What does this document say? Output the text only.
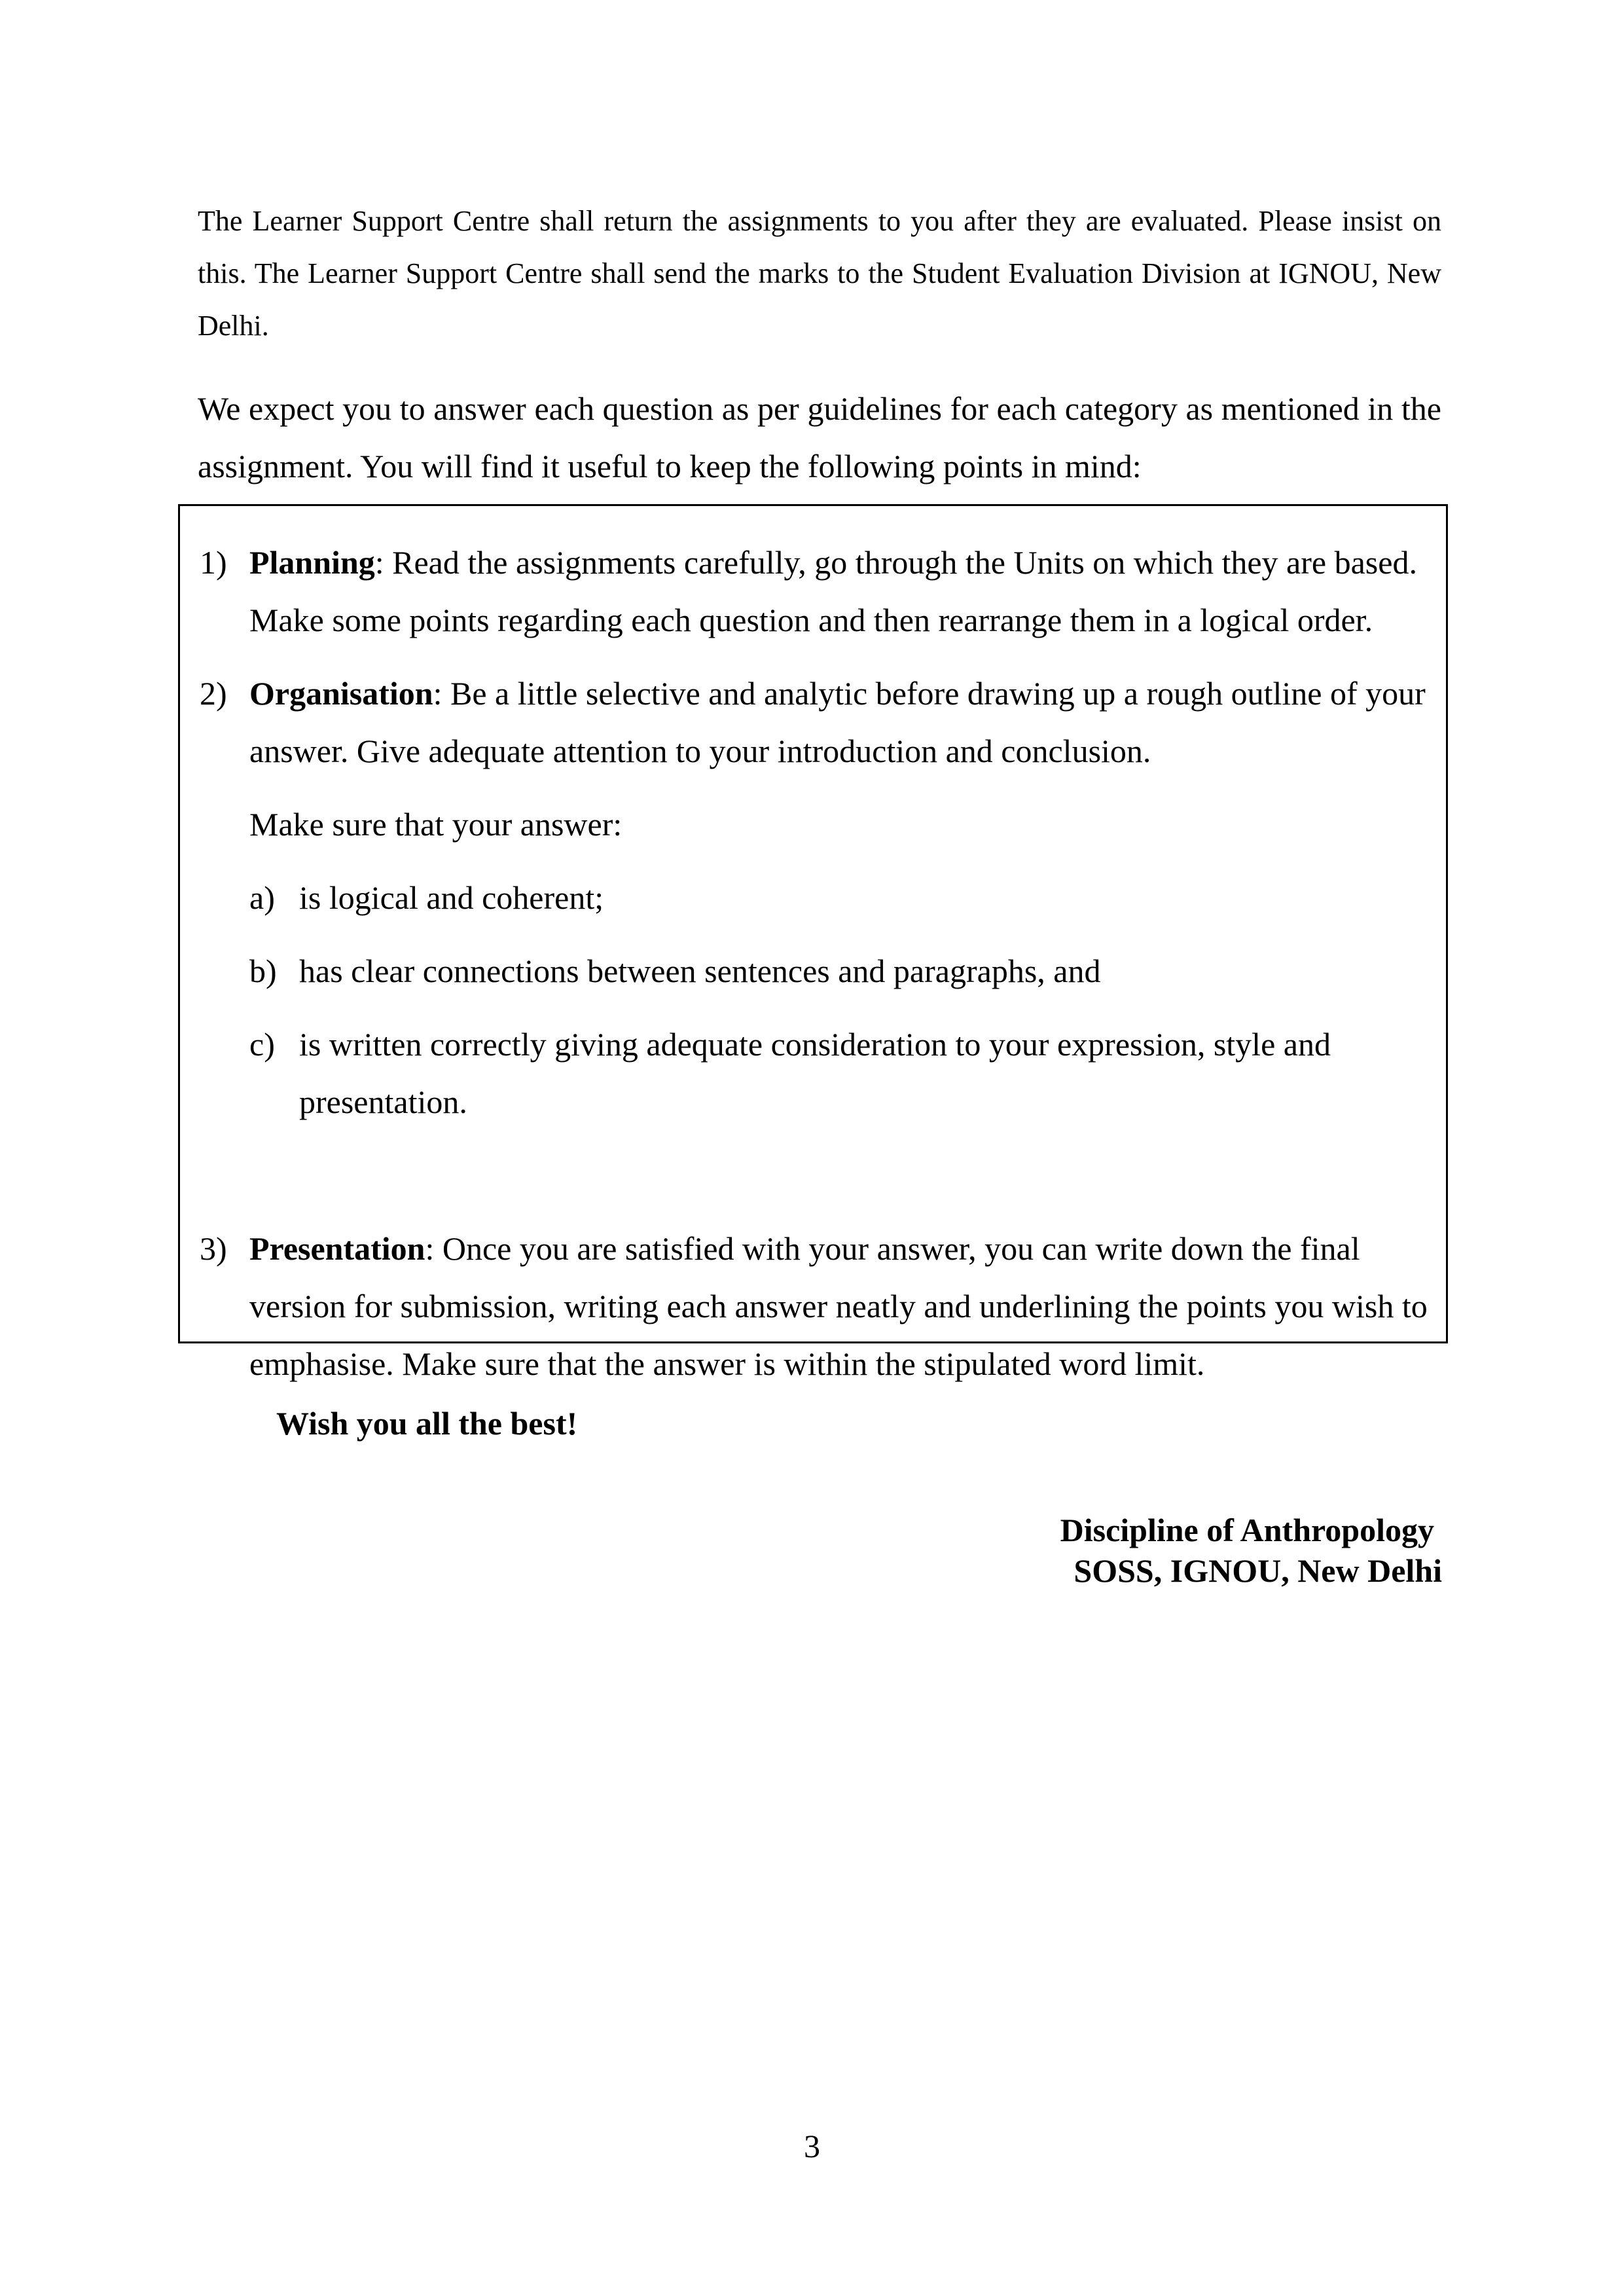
The Learner Support Centre shall return the assignments to you after they are evaluated. Please insist on this. The Learner Support Centre shall send the marks to the Student Evaluation Division at IGNOU, New Delhi.

We expect you to answer each question as per guidelines for each category as mentioned in the assignment. You will find it useful to keep the following points in mind:

1) Planning: Read the assignments carefully, go through the Units on which they are based. Make some points regarding each question and then rearrange them in a logical order.

2) Organisation: Be a little selective and analytic before drawing up a rough outline of your answer. Give adequate attention to your introduction and conclusion.

Make sure that your answer:

a) is logical and coherent;
b) has clear connections between sentences and paragraphs, and
c) is written correctly giving adequate consideration to your expression, style and presentation.
3) Presentation: Once you are satisfied with your answer, you can write down the final version for submission, writing each answer neatly and underlining the points you wish to emphasise. Make sure that the answer is within the stipulated word limit.

Wish you all the best!

Discipline of Anthropology
SOSS, IGNOU, New Delhi
3
